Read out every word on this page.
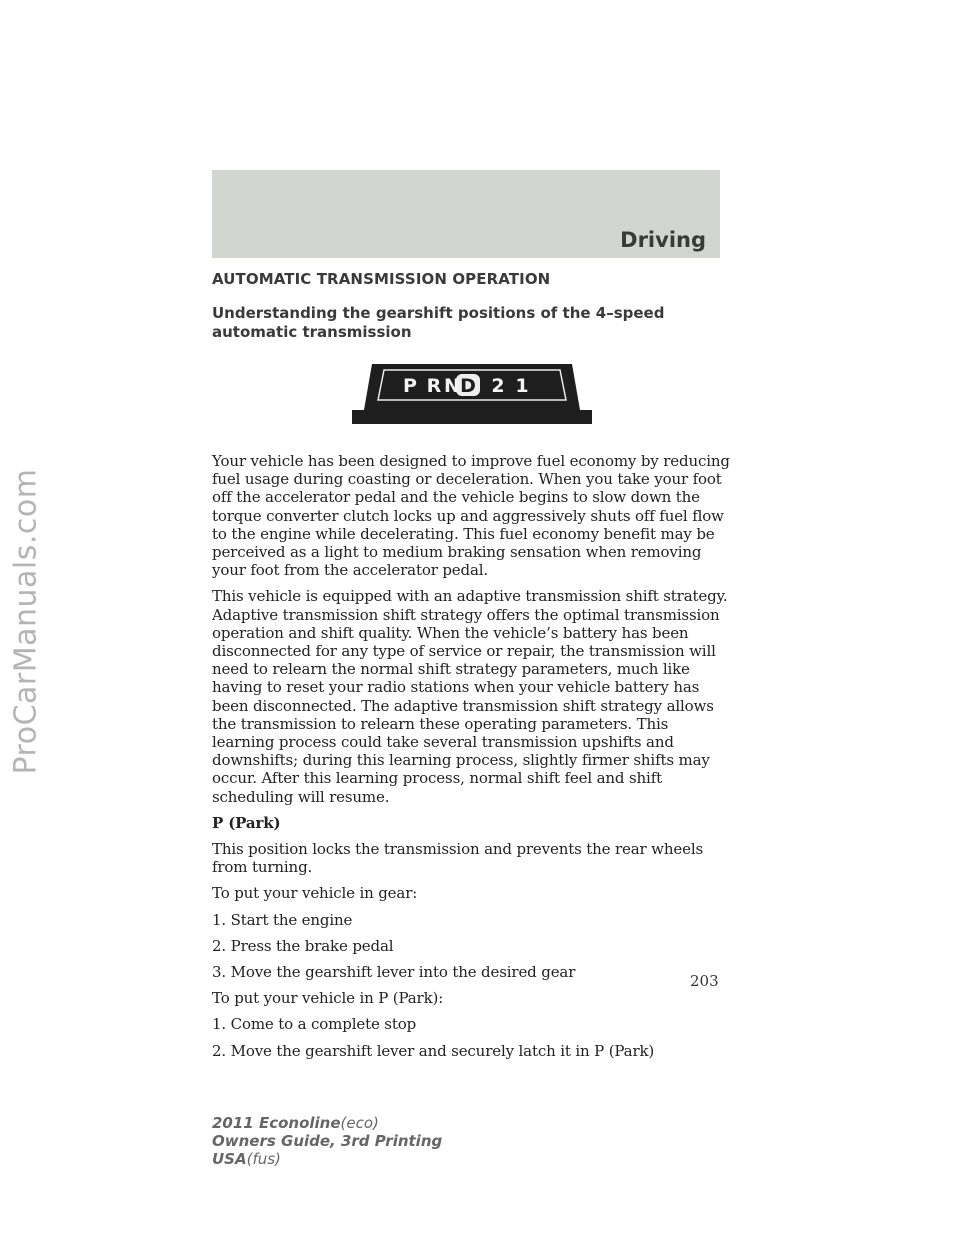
ProCarManuals.com
Driving
AUTOMATIC TRANSMISSION OPERATION
Understanding the gearshift positions of the 4–speed automatic transmission
P R N D 2 1

Your vehicle has been designed to improve fuel economy by reducing fuel usage during coasting or deceleration. When you take your foot off the accelerator pedal and the vehicle begins to slow down the torque converter clutch locks up and aggressively shuts off fuel flow to the engine while decelerating. This fuel economy benefit may be perceived as a light to medium braking sensation when removing your foot from the accelerator pedal.

This vehicle is equipped with an adaptive transmission shift strategy. Adaptive transmission shift strategy offers the optimal transmission operation and shift quality. When the vehicle’s battery has been disconnected for any type of service or repair, the transmission will need to relearn the normal shift strategy parameters, much like having to reset your radio stations when your vehicle battery has been disconnected. The adaptive transmission shift strategy allows the transmission to relearn these operating parameters. This learning process could take several transmission upshifts and downshifts; during this learning process, slightly firmer shifts may occur. After this learning process, normal shift feel and shift scheduling will resume.

P (Park)

This position locks the transmission and prevents the rear wheels from turning.

To put your vehicle in gear:

1. Start the engine

2. Press the brake pedal

3. Move the gearshift lever into the desired gear

To put your vehicle in P (Park):

1. Come to a complete stop

2. Move the gearshift lever and securely latch it in P (Park)

203
2011 Econoline(eco)
Owners Guide, 3rd Printing
USA(fus)
